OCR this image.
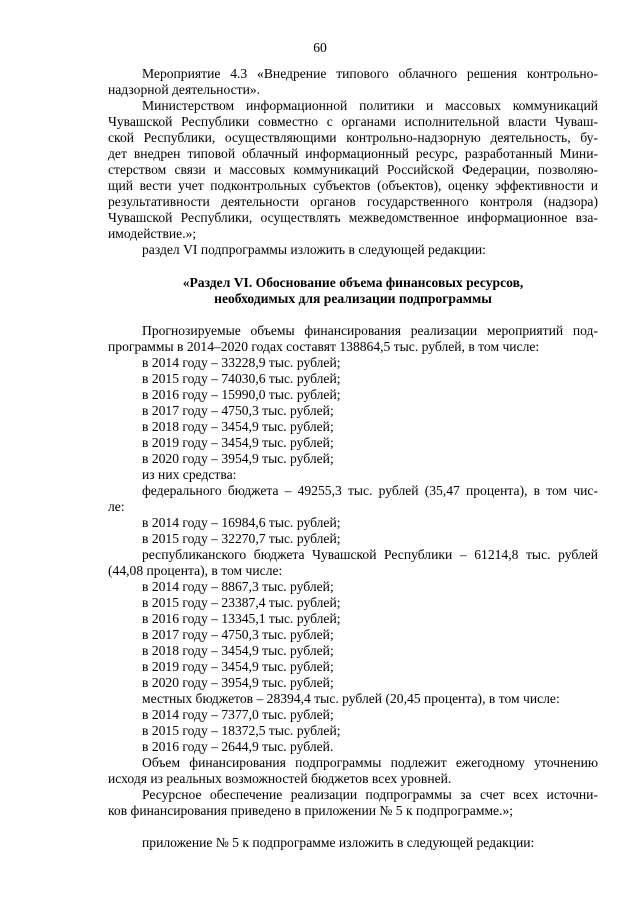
60
Мероприятие 4.3 «Внедрение типового облачного решения контрольно-
надзорной деятельности».
Министерством информационной политики и массовых коммуникаций
Чувашской Республики совместно с органами исполнительной власти Чуваш-
ской Республики, осуществляющими контрольно-надзорную деятельность, бу-
дет внедрен типовой облачный информационный ресурс, разработанный Мини-
стерством связи и массовых коммуникаций Российской Федерации, позволяю-
щий вести учет подконтрольных субъектов (объектов), оценку эффективности и
результативности деятельности органов государственного контроля (надзора)
Чувашской Республики, осуществлять межведомственное информационное вза-
имодействие.»;
раздел VI подпрограммы изложить в следующей редакции:
«Раздел VI. Обоснование объема финансовых ресурсов,
необходимых для реализации подпрограммы
Прогнозируемые объемы финансирования реализации мероприятий под-
программы в 2014–2020 годах составят 138864,5 тыс. рублей, в том числе:
в 2014 году – 33228,9 тыс. рублей;
в 2015 году – 74030,6 тыс. рублей;
в 2016 году – 15990,0 тыс. рублей;
в 2017 году – 4750,3 тыс. рублей;
в 2018 году – 3454,9 тыс. рублей;
в 2019 году – 3454,9 тыс. рублей;
в 2020 году – 3954,9 тыс. рублей;
из них средства:
федерального бюджета – 49255,3 тыс. рублей (35,47 процента), в том чис-
ле:
в 2014 году – 16984,6 тыс. рублей;
в 2015 году – 32270,7 тыс. рублей;
республиканского бюджета Чувашской Республики – 61214,8 тыс. рублей
(44,08 процента), в том числе:
в 2014 году – 8867,3 тыс. рублей;
в 2015 году – 23387,4 тыс. рублей;
в 2016 году – 13345,1 тыс. рублей;
в 2017 году – 4750,3 тыс. рублей;
в 2018 году – 3454,9 тыс. рублей;
в 2019 году – 3454,9 тыс. рублей;
в 2020 году – 3954,9 тыс. рублей;
местных бюджетов – 28394,4 тыс. рублей (20,45 процента), в том числе:
в 2014 году – 7377,0 тыс. рублей;
в 2015 году – 18372,5 тыс. рублей;
в 2016 году – 2644,9 тыс. рублей.
Объем финансирования подпрограммы подлежит ежегодному уточнению
исходя из реальных возможностей бюджетов всех уровней.
Ресурсное обеспечение реализации подпрограммы за счет всех источни-
ков финансирования приведено в приложении № 5 к подпрограмме.»;
приложение № 5 к подпрограмме изложить в следующей редакции:
